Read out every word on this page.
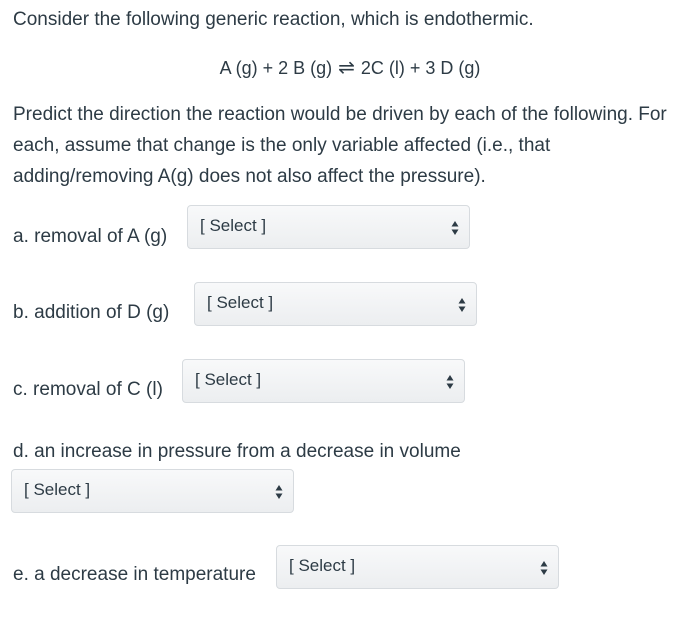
Consider the following generic reaction, which is endothermic.

A (g) + 2 B (g) ⇌ 2C (l) + 3 D (g)

Predict the direction the reaction would be driven by each of the following. For each, assume that change is the only variable affected (i.e., that adding/removing A(g) does not also affect the pressure).

a. removal of A (g)
[ Select ]
b. addition of D (g) [ Select ]
c. removal of C (l) [ Select ]
d. an increase in pressure from a decrease in volume
[ Select ]
e. a decrease in temperature [ Select ]
